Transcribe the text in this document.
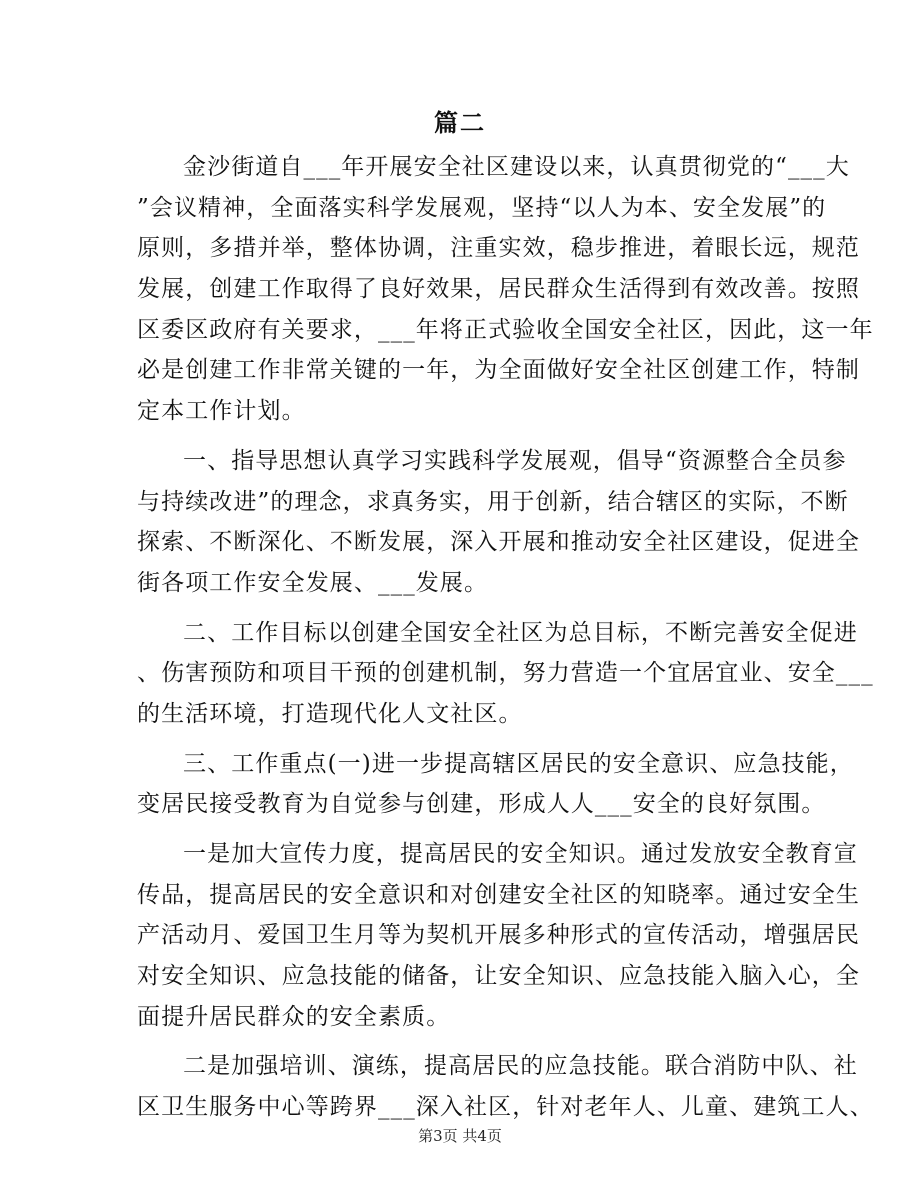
篇二
金沙街道自___年开展安全社区建设以来，认真贯彻党的“___大
”会议精神，全面落实科学发展观，坚持“以人为本、安全发展”的
原则，多措并举，整体协调，注重实效，稳步推进，着眼长远，规范
发展，创建工作取得了良好效果，居民群众生活得到有效改善。按照
区委区政府有关要求，___年将正式验收全国安全社区，因此，这一年
必是创建工作非常关键的一年，为全面做好安全社区创建工作，特制
定本工作计划。
一、指导思想认真学习实践科学发展观，倡导“资源整合全员参
与持续改进”的理念，求真务实，用于创新，结合辖区的实际，不断
探索、不断深化、不断发展，深入开展和推动安全社区建设，促进全
街各项工作安全发展、___发展。
二、工作目标以创建全国安全社区为总目标，不断完善安全促进
、伤害预防和项目干预的创建机制，努力营造一个宜居宜业、安全___
的生活环境，打造现代化人文社区。
三、工作重点(一)进一步提高辖区居民的安全意识、应急技能，
变居民接受教育为自觉参与创建，形成人人___安全的良好氛围。
一是加大宣传力度，提高居民的安全知识。通过发放安全教育宣
传品，提高居民的安全意识和对创建安全社区的知晓率。通过安全生
产活动月、爱国卫生月等为契机开展多种形式的宣传活动，增强居民
对安全知识、应急技能的储备，让安全知识、应急技能入脑入心，全
面提升居民群众的安全素质。
二是加强培训、演练，提高居民的应急技能。联合消防中队、社
区卫生服务中心等跨界___深入社区，针对老年人、儿童、建筑工人、
第3页 共4页
